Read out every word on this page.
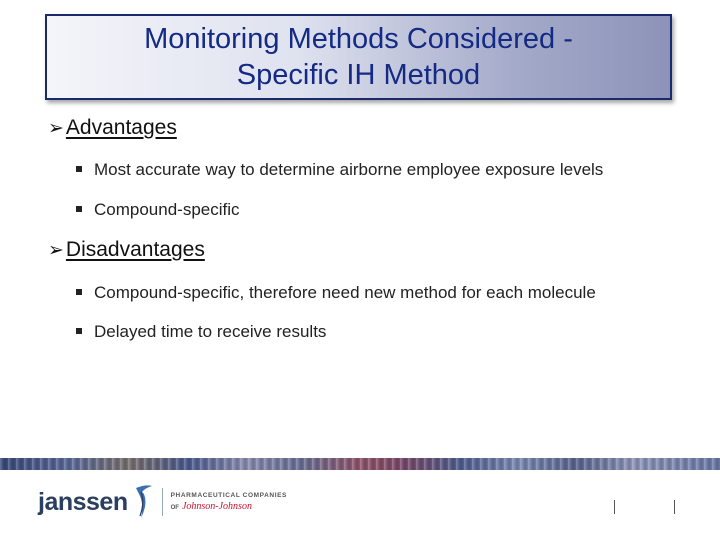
Monitoring Methods Considered -
Specific IH Method
➢ Advantages
Most accurate way to determine airborne employee exposure levels
Compound-specific
➢ Disadvantages
Compound-specific, therefore need new method for each molecule
Delayed time to receive results
janssen	PHARMACEUTICAL COMPANIES
OF Johnson-Johnson
